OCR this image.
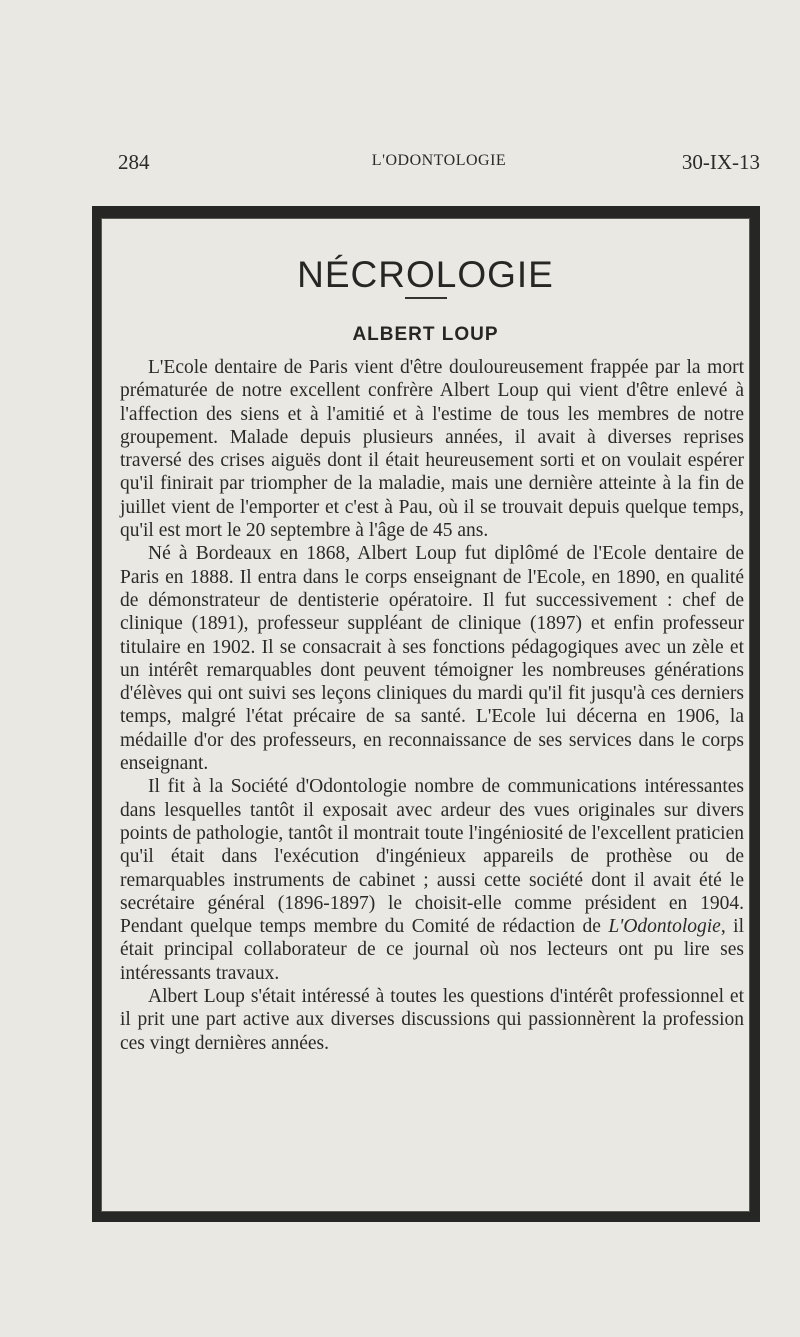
284	L'ODONTOLOGIE	30-IX-13
NÉCROLOGIE
ALBERT LOUP

L'Ecole dentaire de Paris vient d'être douloureusement frappée par la mort prématurée de notre excellent confrère Albert Loup qui vient d'être enlevé à l'affection des siens et à l'amitié et à l'estime de tous les membres de notre groupement. Malade depuis plusieurs années, il avait à diverses reprises traversé des crises aiguës dont il était heureusement sorti et on voulait espérer qu'il finirait par triompher de la maladie, mais une dernière atteinte à la fin de juillet vient de l'emporter et c'est à Pau, où il se trouvait depuis quelque temps, qu'il est mort le 20 septembre à l'âge de 45 ans.

Né à Bordeaux en 1868, Albert Loup fut diplômé de l'Ecole dentaire de Paris en 1888. Il entra dans le corps enseignant de l'Ecole, en 1890, en qualité de démonstrateur de dentisterie opératoire. Il fut successivement : chef de clinique (1891), professeur suppléant de clinique (1897) et enfin professeur titulaire en 1902. Il se consacrait à ses fonctions pédagogiques avec un zèle et un intérêt remarquables dont peuvent témoigner les nombreuses générations d'élèves qui ont suivi ses leçons cliniques du mardi qu'il fit jusqu'à ces derniers temps, malgré l'état précaire de sa santé. L'Ecole lui décerna en 1906, la médaille d'or des professeurs, en reconnaissance de ses services dans le corps enseignant.

Il fit à la Société d'Odontologie nombre de communications intéressantes dans lesquelles tantôt il exposait avec ardeur des vues originales sur divers points de pathologie, tantôt il montrait toute l'ingéniosité de l'excellent praticien qu'il était dans l'exécution d'ingénieux appareils de prothèse ou de remarquables instruments de cabinet ; aussi cette société dont il avait été le secrétaire général (1896-1897) le choisit-elle comme président en 1904. Pendant quelque temps membre du Comité de rédaction de L'Odontologie, il était principal collaborateur de ce journal où nos lecteurs ont pu lire ses intéressants travaux.

Albert Loup s'était intéressé à toutes les questions d'intérêt professionnel et il prit une part active aux diverses discussions qui passionnèrent la profession ces vingt dernières années.
